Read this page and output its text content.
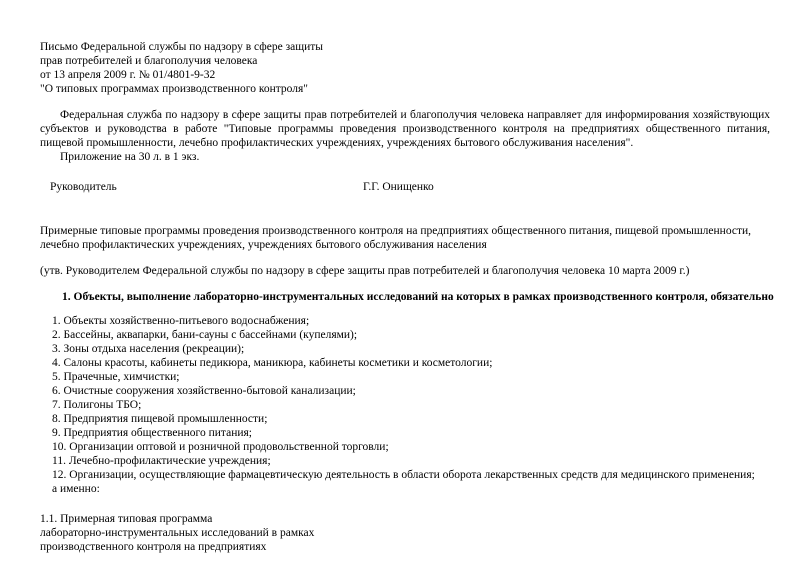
Письмо Федеральной службы по надзору в сфере защиты
прав потребителей и благополучия человека
от 13 апреля 2009 г. № 01/4801-9-32
"О типовых программах производственного контроля"

Федеральная служба по надзору в сфере защиты прав потребителей и благополучия человека направляет для информирования хозяйствующих субъектов и руководства в работе "Типовые программы проведения производственного контроля на предприятиях общественного питания, пищевой промышленности, лечебно профилактических учреждениях, учреждениях бытового обслуживания населения".

Приложение на 30 л. в 1 экз.

Руководитель	Г.Г. Онищенко
Примерные типовые программы проведения производственного контроля на предприятиях общественного питания, пищевой промышленности, лечебно профилактических учреждениях, учреждениях бытового обслуживания населения
(утв. Руководителем Федеральной службы по надзору в сфере защиты прав потребителей и благополучия человека 10 марта 2009 г.)
1. Объекты, выполнение лабораторно-инструментальных исследований на которых в рамках производственного контроля, обязательно
1. Объекты хозяйственно-питьевого водоснабжения;
2. Бассейны, аквапарки, бани-сауны с бассейнами (купелями);
3. Зоны отдыха населения (рекреации);
4. Салоны красоты, кабинеты педикюра, маникюра, кабинеты косметики и косметологии;
5. Прачечные, химчистки;
6. Очистные сооружения хозяйственно-бытовой канализации;
7. Полигоны ТБО;
8. Предприятия пищевой промышленности;
9. Предприятия общественного питания;
10. Организации оптовой и розничной продовольственной торговли;
11. Лечебно-профилактические учреждения;
12. Организации, осуществляющие фармацевтическую деятельность в области оборота лекарственных средств для медицинского применения;
а именно:
1.1. Примерная типовая программа
лабораторно-инструментальных исследований в рамках
производственного контроля на предприятиях
